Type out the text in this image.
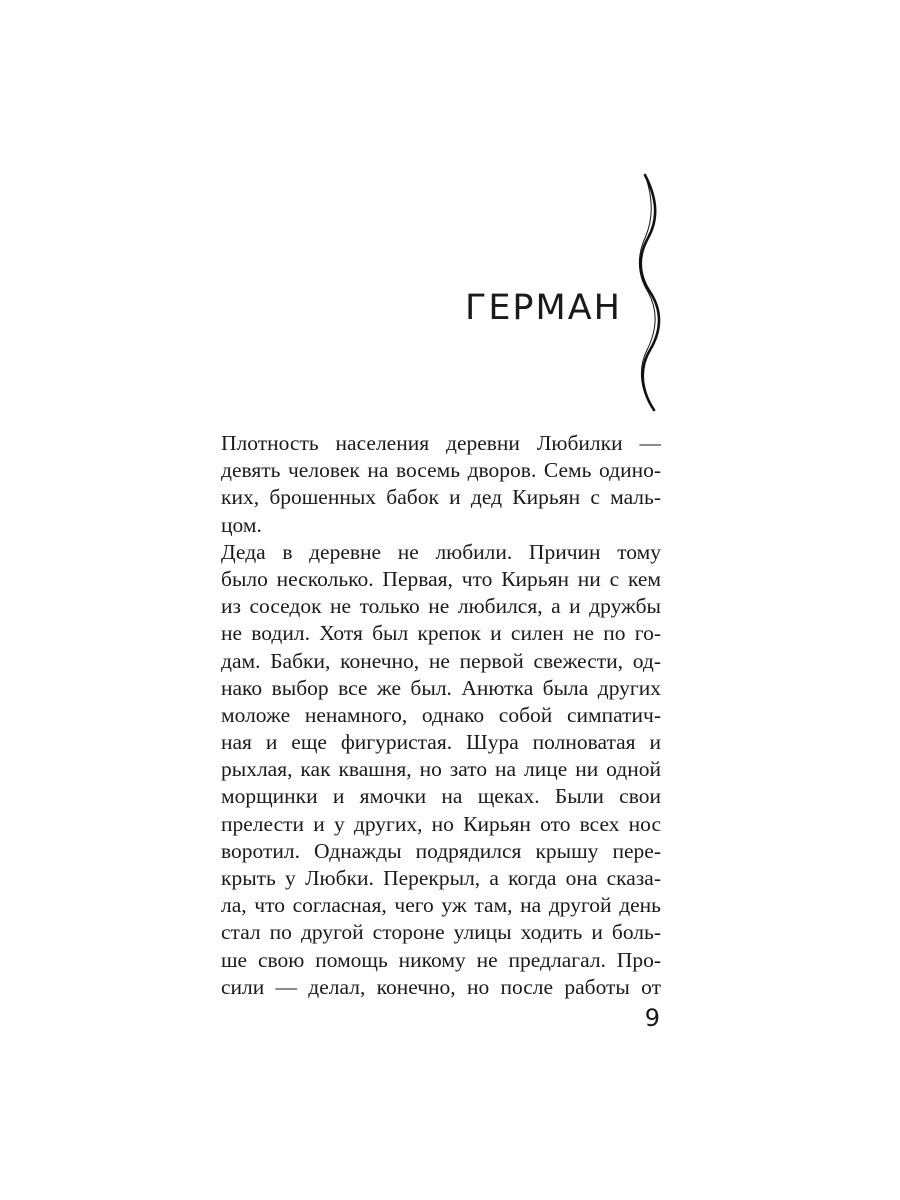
ГЕРМАН
Плотность населения деревни Любилки —
девять человек на восемь дворов. Семь одино-
ких, брошенных бабок и дед Кирьян с маль-
цом.
Деда в деревне не любили. Причин тому
было несколько. Первая, что Кирьян ни с кем
из соседок не только не любился, а и дружбы
не водил. Хотя был крепок и силен не по го-
дам. Бабки, конечно, не первой свежести, од-
нако выбор все же был. Анютка была других
моложе ненамного, однако собой симпатич-
ная и еще фигуристая. Шура полноватая и
рыхлая, как квашня, но зато на лице ни одной
морщинки и ямочки на щеках. Были свои
прелести и у других, но Кирьян ото всех нос
воротил. Однажды подрядился крышу пере-
крыть у Любки. Перекрыл, а когда она сказа-
ла, что согласная, чего уж там, на другой день
стал по другой стороне улицы ходить и боль-
ше свою помощь никому не предлагал. Про-
сили — делал, конечно, но после работы от
9
